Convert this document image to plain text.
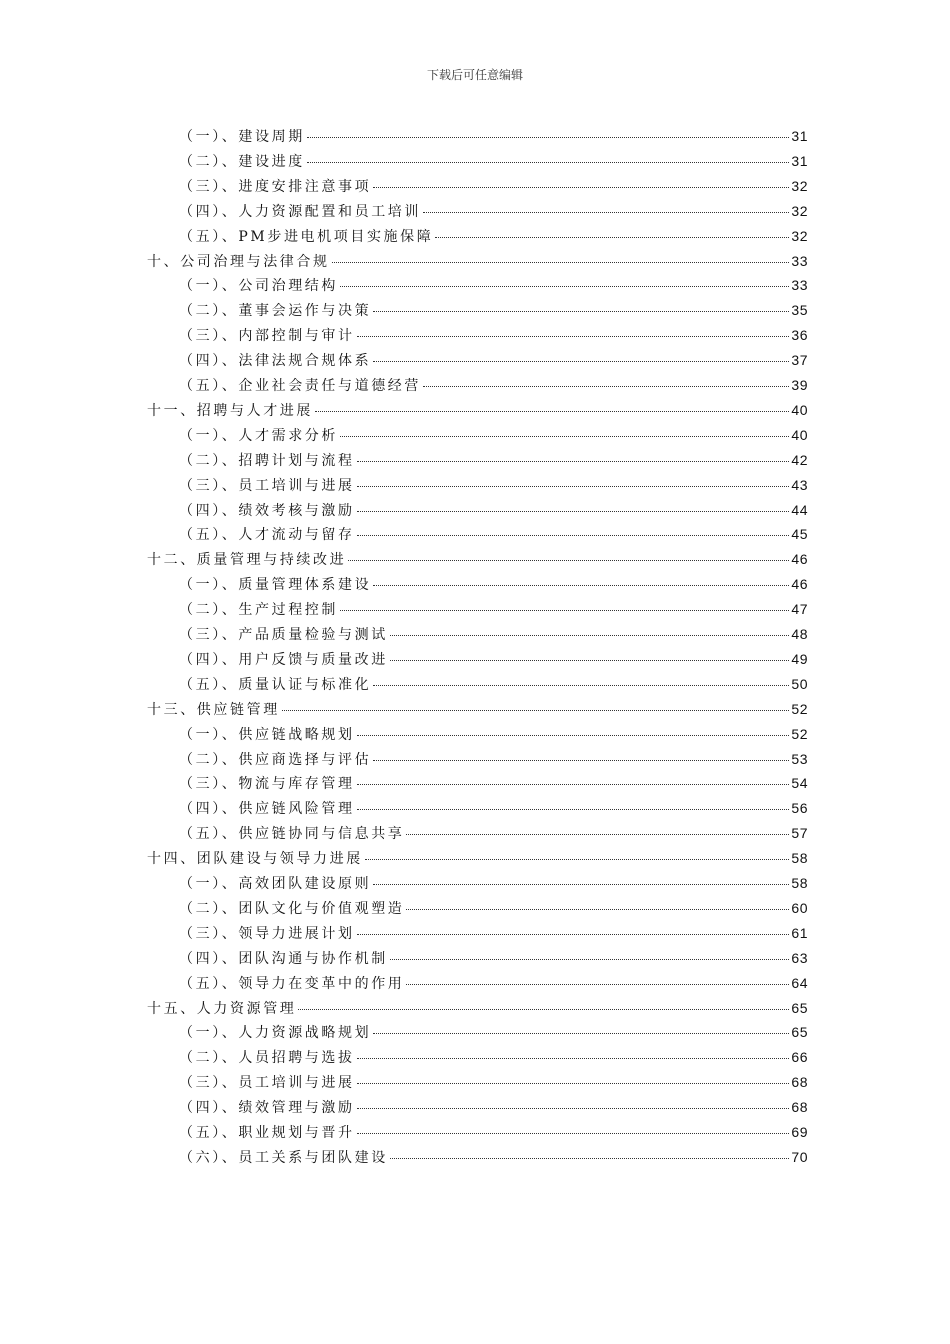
下载后可任意编辑
（一）、建设周期	31
（二）、建设进度	31
（三）、进度安排注意事项	32
（四）、人力资源配置和员工培训	32
（五）、PM步进电机项目实施保障	32
十、公司治理与法律合规	33
（一）、公司治理结构	33
（二）、董事会运作与决策	35
（三）、内部控制与审计	36
（四）、法律法规合规体系	37
（五）、企业社会责任与道德经营	39
十一、招聘与人才进展	40
（一）、人才需求分析	40
（二）、招聘计划与流程	42
（三）、员工培训与进展	43
（四）、绩效考核与激励	44
（五）、人才流动与留存	45
十二、质量管理与持续改进	46
（一）、质量管理体系建设	46
（二）、生产过程控制	47
（三）、产品质量检验与测试	48
（四）、用户反馈与质量改进	49
（五）、质量认证与标准化	50
十三、供应链管理	52
（一）、供应链战略规划	52
（二）、供应商选择与评估	53
（三）、物流与库存管理	54
（四）、供应链风险管理	56
（五）、供应链协同与信息共享	57
十四、团队建设与领导力进展	58
（一）、高效团队建设原则	58
（二）、团队文化与价值观塑造	60
（三）、领导力进展计划	61
（四）、团队沟通与协作机制	63
（五）、领导力在变革中的作用	64
十五、人力资源管理	65
（一）、人力资源战略规划	65
（二）、人员招聘与选拔	66
（三）、员工培训与进展	68
（四）、绩效管理与激励	68
（五）、职业规划与晋升	69
（六）、员工关系与团队建设	70
